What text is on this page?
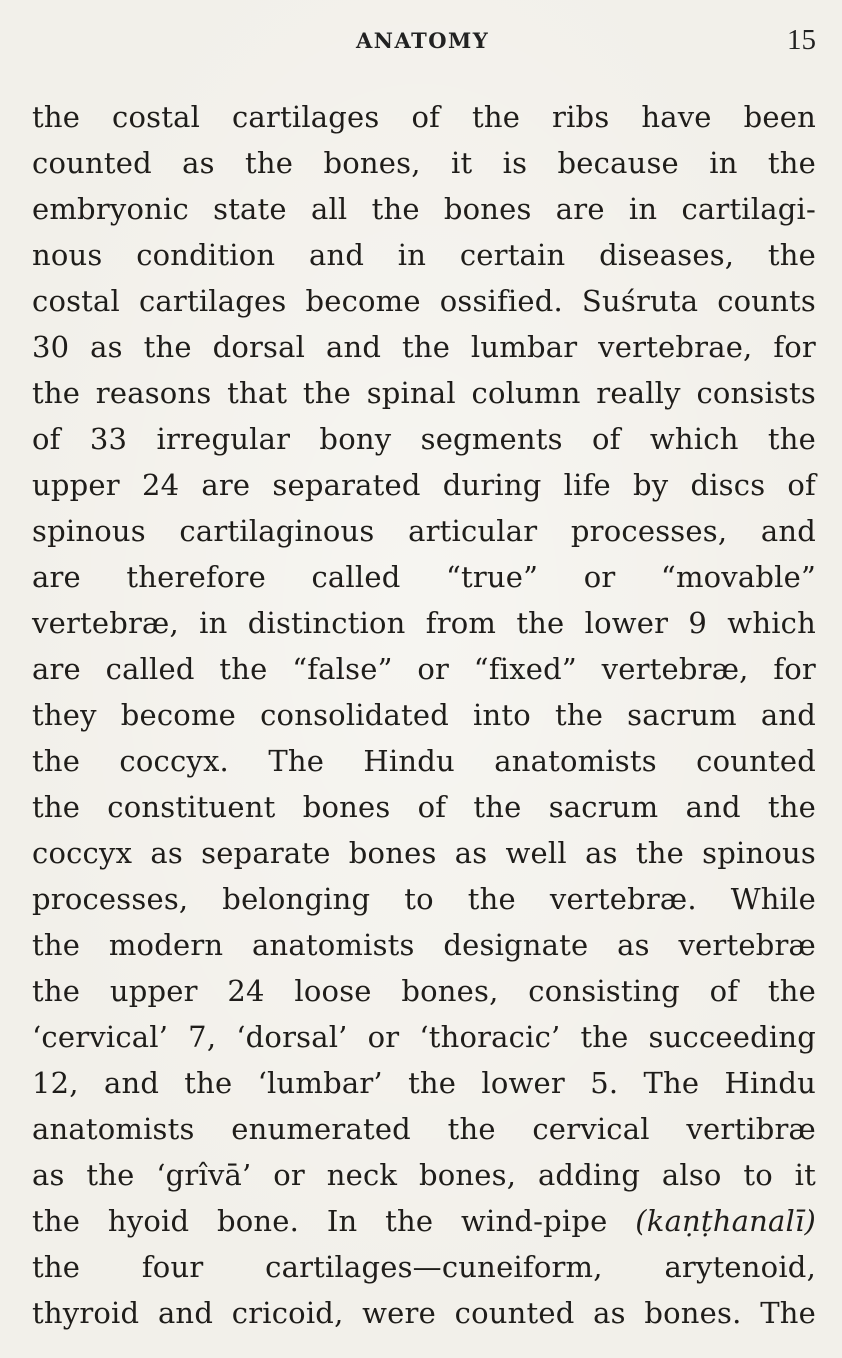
ANATOMY	15
the costal cartilages of the ribs have been
counted as the bones, it is because in the
embryonic state all the bones are in cartilagi-
nous condition and in certain diseases, the
costal cartilages become ossified. Suśruta counts
30 as the dorsal and the lumbar vertebrae, for
the reasons that the spinal column really consists
of 33 irregular bony segments of which the
upper 24 are separated during life by discs of
spinous cartilaginous articular processes, and
are therefore called “true” or “movable”
vertebræ, in distinction from the lower 9 which
are called the “false” or “fixed” vertebræ, for
they become consolidated into the sacrum and
the coccyx. The Hindu anatomists counted
the constituent bones of the sacrum and the
coccyx as separate bones as well as the spinous
processes, belonging to the vertebræ. While
the modern anatomists designate as vertebræ
the upper 24 loose bones, consisting of the
‘cervical’ 7, ‘dorsal’ or ‘thoracic’ the succeeding
12, and the ‘lumbar’ the lower 5. The Hindu
anatomists enumerated the cervical vertibræ
as the ‘grîvā’ or neck bones, adding also to it
the hyoid bone. In the wind-pipe (kaṇṭhanalī)
the four cartilages—cuneiform, arytenoid,
thyroid and cricoid, were counted as bones. The
